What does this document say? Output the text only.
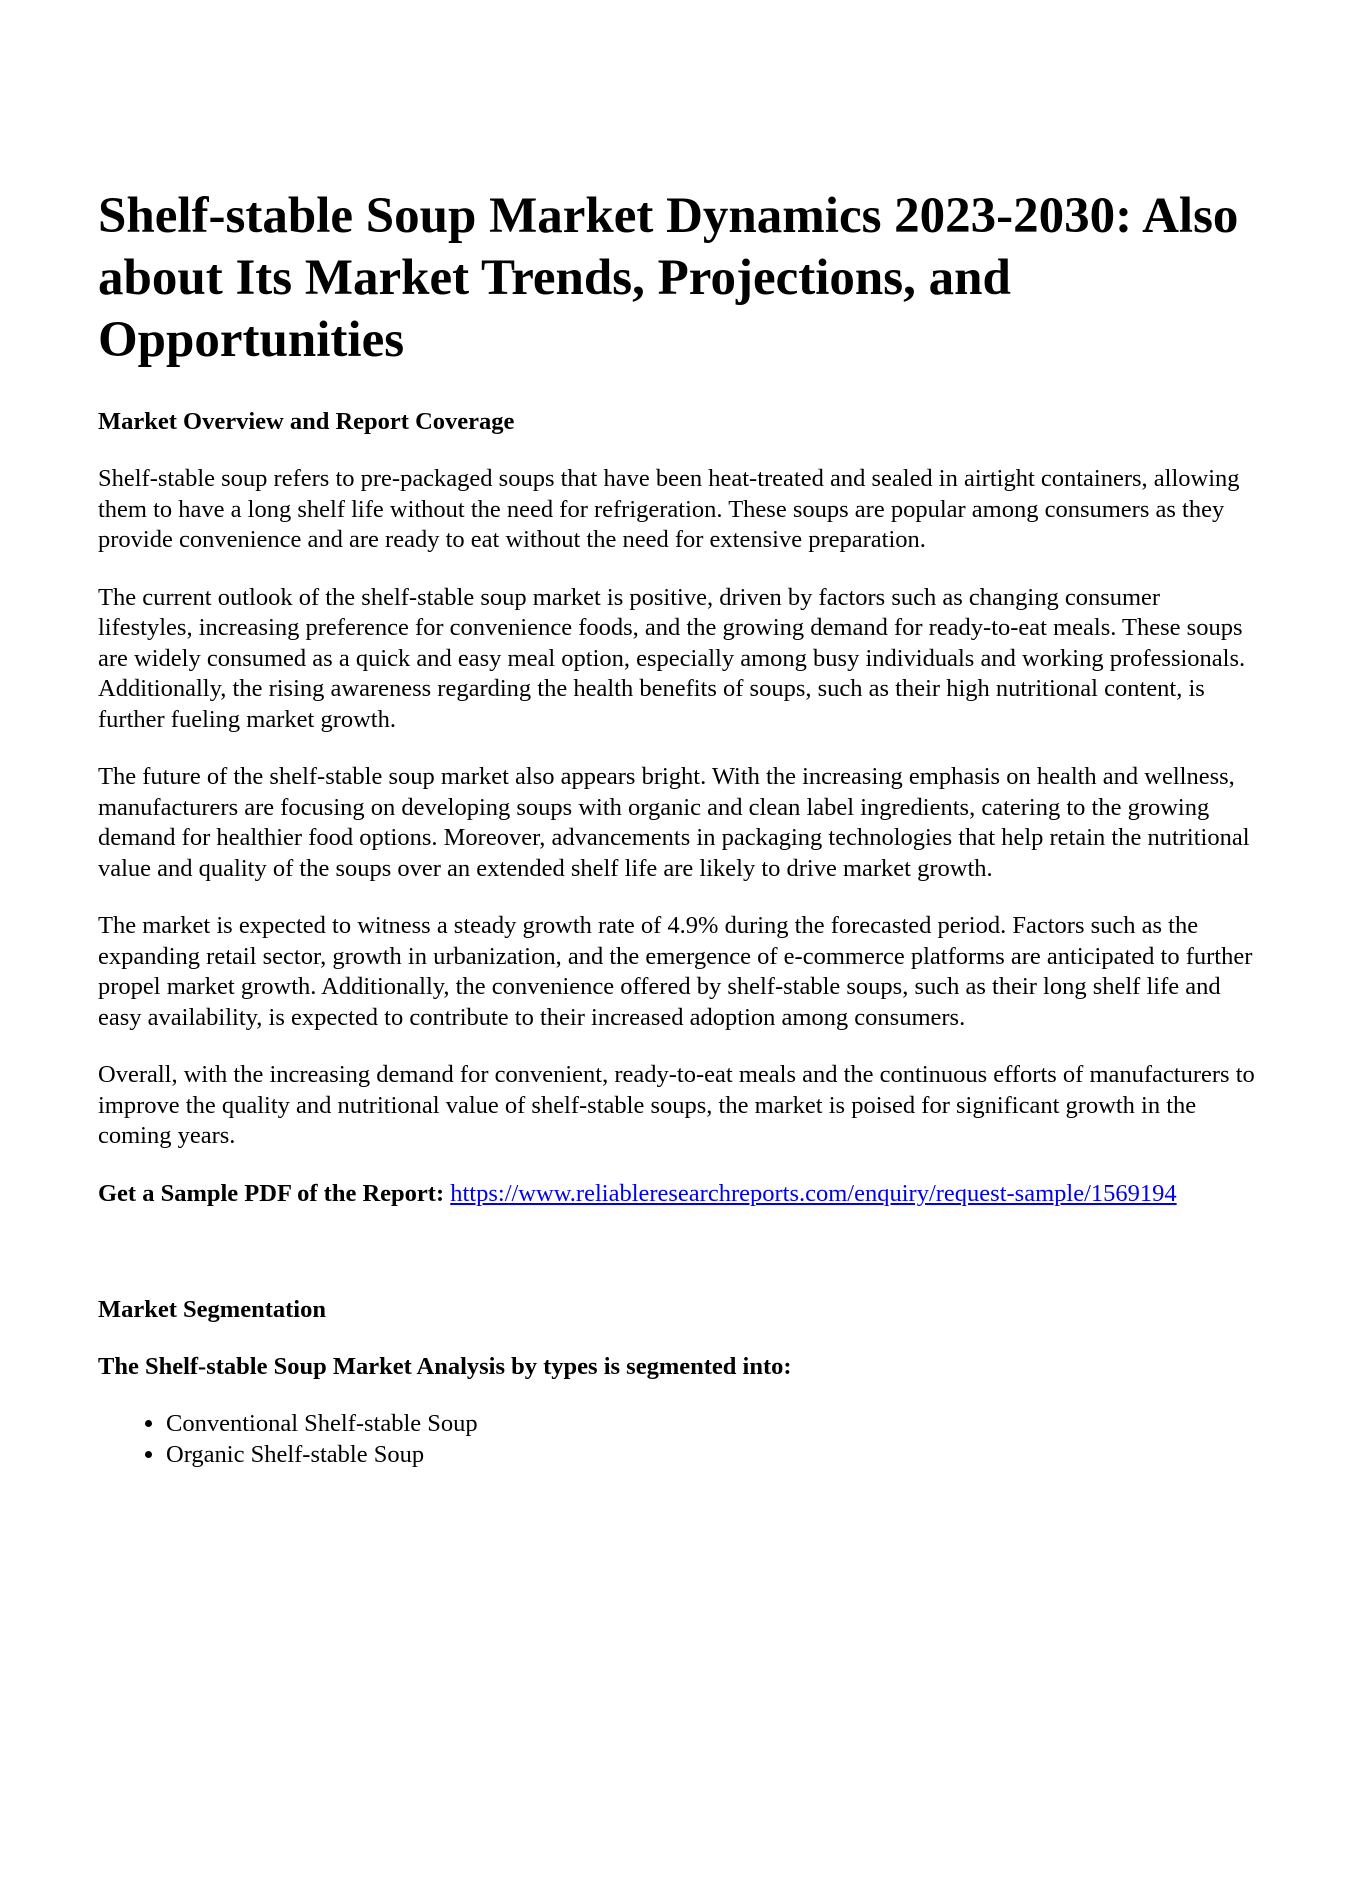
Shelf-stable Soup Market Dynamics 2023-2030: Also about Its Market Trends, Projections, and Opportunities
Market Overview and Report Coverage

Shelf-stable soup refers to pre-packaged soups that have been heat-treated and sealed in airtight containers, allowing them to have a long shelf life without the need for refrigeration. These soups are popular among consumers as they provide convenience and are ready to eat without the need for extensive preparation.

The current outlook of the shelf-stable soup market is positive, driven by factors such as changing consumer lifestyles, increasing preference for convenience foods, and the growing demand for ready-to-eat meals. These soups are widely consumed as a quick and easy meal option, especially among busy individuals and working professionals. Additionally, the rising awareness regarding the health benefits of soups, such as their high nutritional content, is further fueling market growth.

The future of the shelf-stable soup market also appears bright. With the increasing emphasis on health and wellness, manufacturers are focusing on developing soups with organic and clean label ingredients, catering to the growing demand for healthier food options. Moreover, advancements in packaging technologies that help retain the nutritional value and quality of the soups over an extended shelf life are likely to drive market growth.

The market is expected to witness a steady growth rate of 4.9% during the forecasted period. Factors such as the expanding retail sector, growth in urbanization, and the emergence of e-commerce platforms are anticipated to further propel market growth. Additionally, the convenience offered by shelf-stable soups, such as their long shelf life and easy availability, is expected to contribute to their increased adoption among consumers.

Overall, with the increasing demand for convenient, ready-to-eat meals and the continuous efforts of manufacturers to improve the quality and nutritional value of shelf-stable soups, the market is poised for significant growth in the coming years.

Get a Sample PDF of the Report: https://www.reliableresearchreports.com/enquiry/request-sample/1569194

Market Segmentation
The Shelf-stable Soup Market Analysis by types is segmented into:
• Conventional Shelf-stable Soup
• Organic Shelf-stable Soup
